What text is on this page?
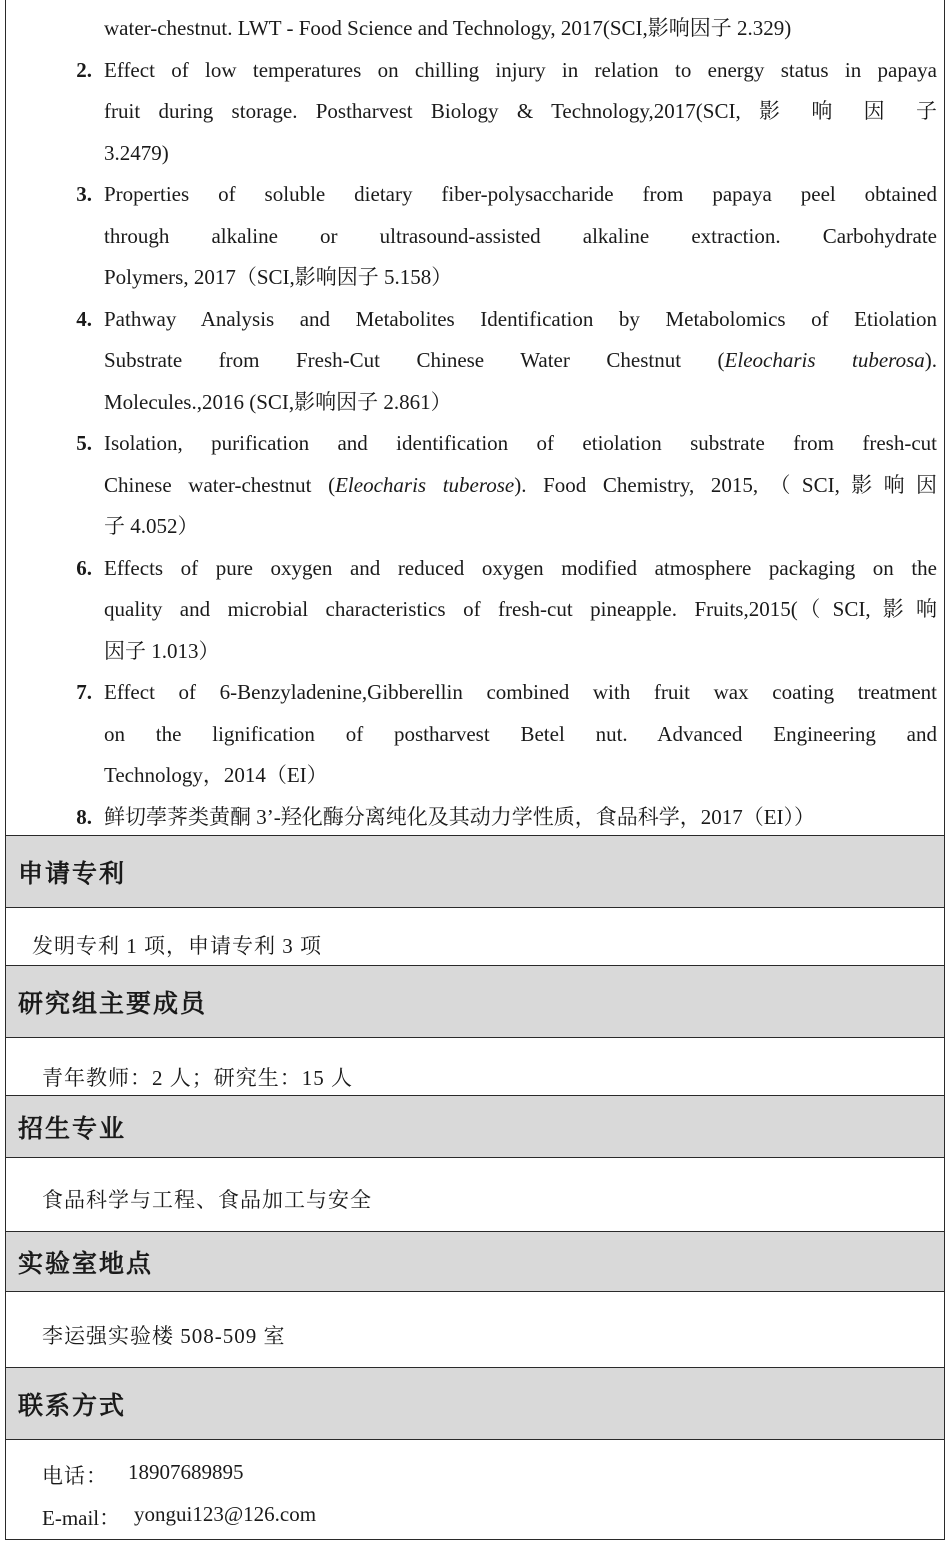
water-chestnut. LWT - Food Science and Technology, 2017(SCI,影响因子 2.329)
2. Effect of low temperatures on chilling injury in relation to energy status in papaya
fruit during storage. Postharvest Biology & Technology,2017(SCI, 影 响 因 子
3.2479)
3. Properties of soluble dietary fiber-polysaccharide from papaya peel obtained
through alkaline or ultrasound-assisted alkaline extraction. Carbohydrate
Polymers, 2017（SCI,影响因子 5.158）
4. Pathway Analysis and Metabolites Identification by Metabolomics of Etiolation
Substrate from Fresh-Cut Chinese Water Chestnut (Eleocharis tuberosa).
Molecules.,2016 (SCI,影响因子 2.861）
5. Isolation, purification and identification of etiolation substrate from fresh-cut
Chinese water-chestnut (Eleocharis tuberose). Food Chemistry, 2015,（SCI,影响因
子 4.052）
6. Effects of pure oxygen and reduced oxygen modified atmosphere packaging on the
quality and microbial characteristics of fresh-cut pineapple. Fruits,2015(（SCI,影响
因子 1.013）
7. Effect of 6-Benzyladenine,Gibberellin combined with fruit wax coating treatment
on the lignification of postharvest Betel nut. Advanced Engineering and
Technology，2014（EI）
8. 鲜切荸荠类黄酮 3’-羟化酶分离纯化及其动力学性质，食品科学，2017（EI））
申请专利
发明专利 1 项，申请专利 3 项
研究组主要成员
青年教师：2 人；研究生：15 人
招生专业
食品科学与工程、食品加工与安全
实验室地点
李运强实验楼 508-509 室
联系方式
电话： 18907689895
E-mail： yongui123@126.com
